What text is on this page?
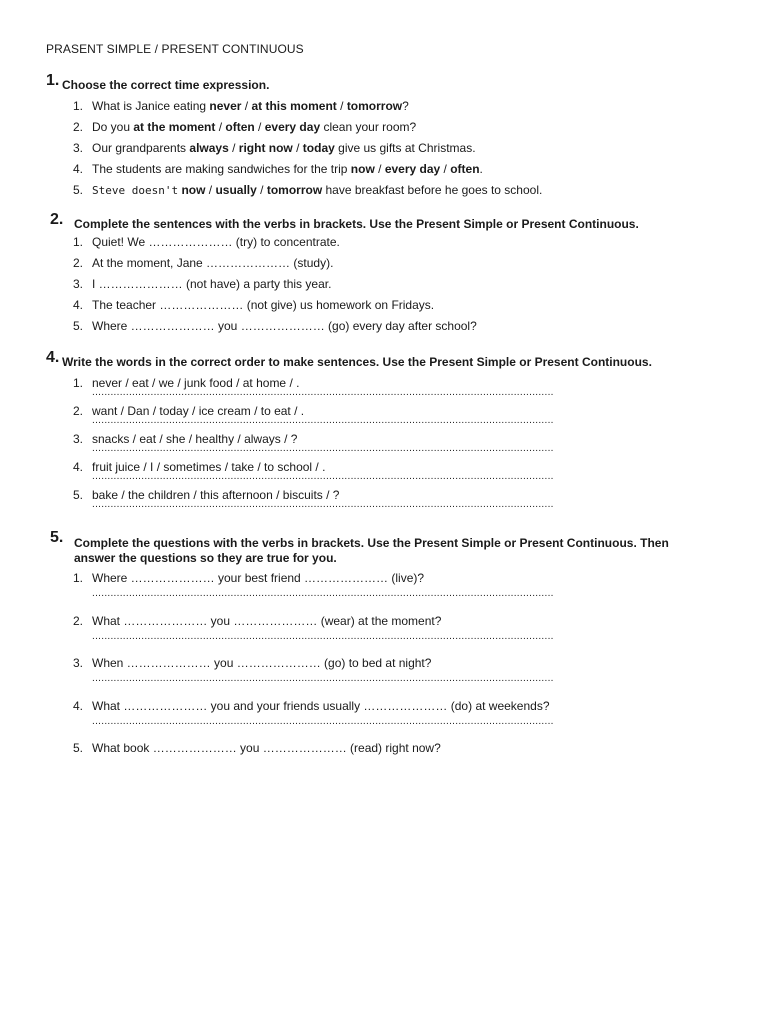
PRASENT SIMPLE / PRESENT CONTINUOUS
1. Choose the correct time expression.
1. What is Janice eating never / at this moment / tomorrow?
2. Do you at the moment / often / every day clean your room?
3. Our grandparents always / right now / today give us gifts at Christmas.
4. The students are making sandwiches for the trip now / every day / often.
5. Steve doesn't now / usually / tomorrow have breakfast before he goes to school.
2. Complete the sentences with the verbs in brackets. Use the Present Simple or Present Continuous.
1. Quiet! We ………………… (try) to concentrate.
2. At the moment, Jane ………………… (study).
3. I ………………… (not have) a party this year.
4. The teacher ………………… (not give) us homework on Fridays.
5. Where ………………… you ………………… (go) every day after school?
4. Write the words in the correct order to make sentences. Use the Present Simple or Present Continuous.
1. never / eat / we / junk food / at home / .
......................................................................................................................................................
2. want / Dan / today / ice cream / to eat / .
......................................................................................................................................................
3. snacks / eat / she / healthy / always / ?
......................................................................................................................................................
4. fruit juice / I / sometimes / take / to school / .
......................................................................................................................................................
5. bake / the children / this afternoon / biscuits / ?
......................................................................................................................................................
5. Complete the questions with the verbs in brackets. Use the Present Simple or Present Continuous. Then
answer the questions so they are true for you.
1. Where ………………… your best friend ………………… (live)?
......................................................................................................................................................
2. What ………………… you ………………… (wear) at the moment?
......................................................................................................................................................
3. When ………………… you ………………… (go) to bed at night?
......................................................................................................................................................
4. What ………………… you and your friends usually ………………… (do) at weekends?
......................................................................................................................................................
5. What book ………………… you ………………… (read) right now?
